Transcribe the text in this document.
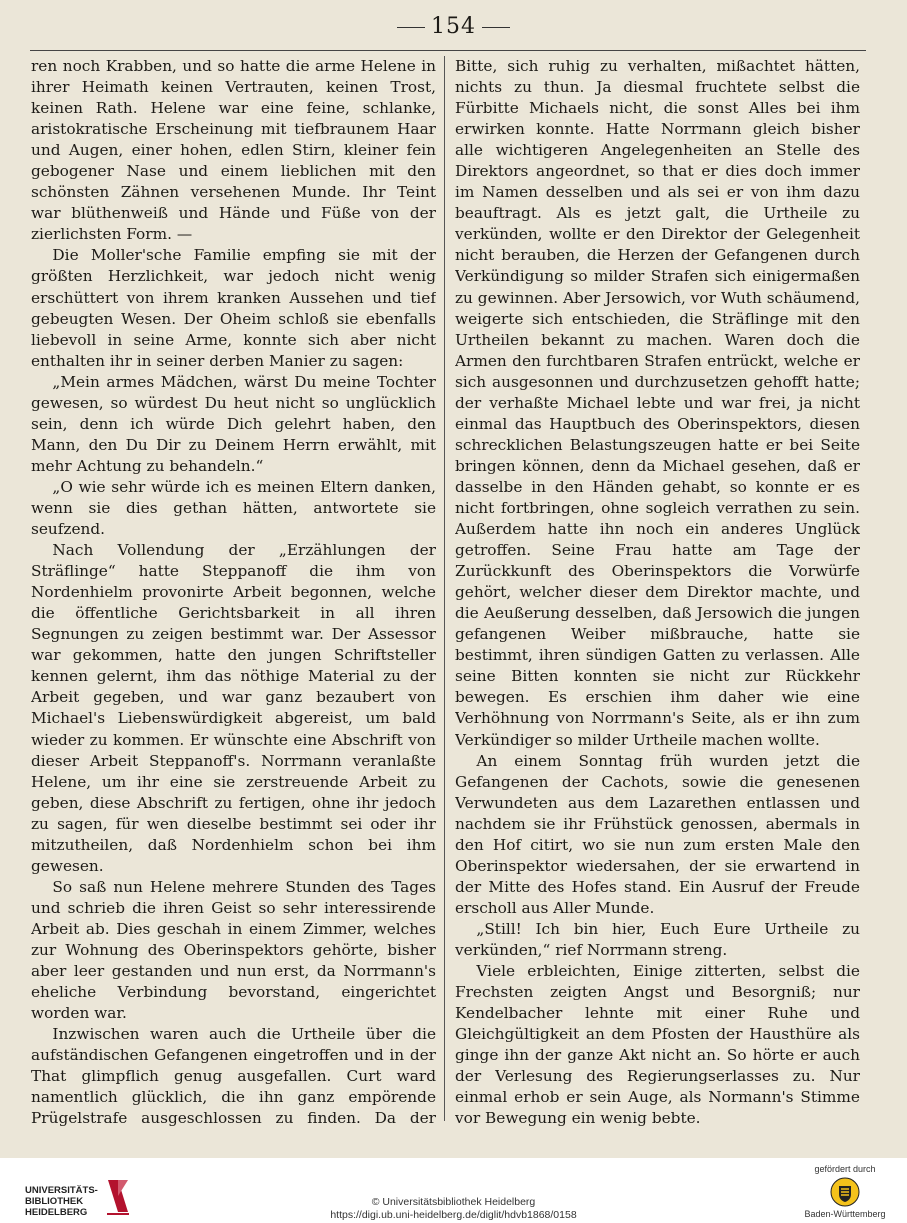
154

ren noch Krabben, und so hatte die arme Helene in ihrer Heimath keinen Vertrauten, keinen Trost, keinen Rath. Helene war eine feine, schlanke, aristokratische Erscheinung mit tiefbraunem Haar und Augen, einer hohen, edlen Stirn, kleiner fein gebogener Nase und einem lieblichen mit den schönsten Zähnen versehenen Munde. Ihr Teint war blüthenweiß und Hände und Füße von der zierlichsten Form. —

Die Moller'sche Familie empfing sie mit der größten Herzlichkeit, war jedoch nicht wenig erschüttert von ihrem kranken Aussehen und tief gebeugten Wesen. Der Oheim schloß sie ebenfalls liebevoll in seine Arme, konnte sich aber nicht enthalten ihr in seiner derben Manier zu sagen:

„Mein armes Mädchen, wärst Du meine Tochter gewesen, so würdest Du heut nicht so unglücklich sein, denn ich würde Dich gelehrt haben, den Mann, den Du Dir zu Deinem Herrn erwählt, mit mehr Achtung zu behandeln.“

„O wie sehr würde ich es meinen Eltern danken, wenn sie dies gethan hätten, antwortete sie seufzend.

Nach Vollendung der „Erzählungen der Sträflinge“ hatte Steppanoff die ihm von Nordenhielm provonirte Arbeit begonnen, welche die öffentliche Gerichtsbarkeit in all ihren Segnungen zu zeigen bestimmt war. Der Assessor war gekommen, hatte den jungen Schriftsteller kennen gelernt, ihm das nöthige Material zu der Arbeit gegeben, und war ganz bezaubert von Michael's Liebenswürdigkeit abgereist, um bald wieder zu kommen. Er wünschte eine Abschrift von dieser Arbeit Steppanoff's. Norrmann veranlaßte Helene, um ihr eine sie zerstreuende Arbeit zu geben, diese Abschrift zu fertigen, ohne ihr jedoch zu sagen, für wen dieselbe bestimmt sei oder ihr mitzutheilen, daß Nordenhielm schon bei ihm gewesen.

So saß nun Helene mehrere Stunden des Tages und schrieb die ihren Geist so sehr interessirende Arbeit ab. Dies geschah in einem Zimmer, welches zur Wohnung des Oberinspektors gehörte, bisher aber leer gestanden und nun erst, da Norrmann's eheliche Verbindung bevorstand, eingerichtet worden war.

Inzwischen waren auch die Urtheile über die aufständischen Gefangenen eingetroffen und in der That glimpflich genug ausgefallen. Curt ward namentlich glücklich, die ihn ganz empörende Prügelstrafe ausgeschlossen zu finden. Da der

Bitte, sich ruhig zu verhalten, mißachtet hätten, nichts zu thun. Ja diesmal fruchtete selbst die Fürbitte Michaels nicht, die sonst Alles bei ihm erwirken konnte. Hatte Norrmann gleich bisher alle wichtigeren Angelegenheiten an Stelle des Direktors angeordnet, so that er dies doch immer im Namen desselben und als sei er von ihm dazu beauftragt. Als es jetzt galt, die Urtheile zu verkünden, wollte er den Direktor der Gelegenheit nicht berauben, die Herzen der Gefangenen durch Verkündigung so milder Strafen sich einigermaßen zu gewinnen. Aber Jersowich, vor Wuth schäumend, weigerte sich entschieden, die Sträflinge mit den Urtheilen bekannt zu machen. Waren doch die Armen den furchtbaren Strafen entrückt, welche er sich ausgesonnen und durchzusetzen gehofft hatte; der verhaßte Michael lebte und war frei, ja nicht einmal das Hauptbuch des Oberinspektors, diesen schrecklichen Belastungszeugen hatte er bei Seite bringen können, denn da Michael gesehen, daß er dasselbe in den Händen gehabt, so konnte er es nicht fortbringen, ohne sogleich verrathen zu sein. Außerdem hatte ihn noch ein anderes Unglück getroffen. Seine Frau hatte am Tage der Zurückkunft des Oberinspektors die Vorwürfe gehört, welcher dieser dem Direktor machte, und die Aeußerung desselben, daß Jersowich die jungen gefangenen Weiber mißbrauche, hatte sie bestimmt, ihren sündigen Gatten zu verlassen. Alle seine Bitten konnten sie nicht zur Rückkehr bewegen. Es erschien ihm daher wie eine Verhöhnung von Norrmann's Seite, als er ihn zum Verkündiger so milder Urtheile machen wollte.

An einem Sonntag früh wurden jetzt die Gefangenen der Cachots, sowie die genesenen Verwundeten aus dem Lazarethen entlassen und nachdem sie ihr Frühstück genossen, abermals in den Hof citirt, wo sie nun zum ersten Male den Oberinspektor wiedersahen, der sie erwartend in der Mitte des Hofes stand. Ein Ausruf der Freude erscholl aus Aller Munde.

„Still! Ich bin hier, Euch Eure Urtheile zu verkünden,“ rief Norrmann streng.

Viele erbleichten, Einige zitterten, selbst die Frechsten zeigten Angst und Besorgniß; nur Kendelbacher lehnte mit einer Ruhe und Gleichgültigkeit an dem Pfosten der Hausthüre als ginge ihn der ganze Akt nicht an. So hörte er auch der Verlesung des Regierungserlasses zu. Nur einmal erhob er sein Auge, als Normann's Stimme vor Bewegung ein wenig bebte.

UNIVERSITÄTS-
BIBLIOTHEK
HEIDELBERG
© Universitätsbibliothek Heidelberg
https://digi.ub.uni-heidelberg.de/diglit/hdvb1868/0158
gefördert durch
Baden-Württemberg
